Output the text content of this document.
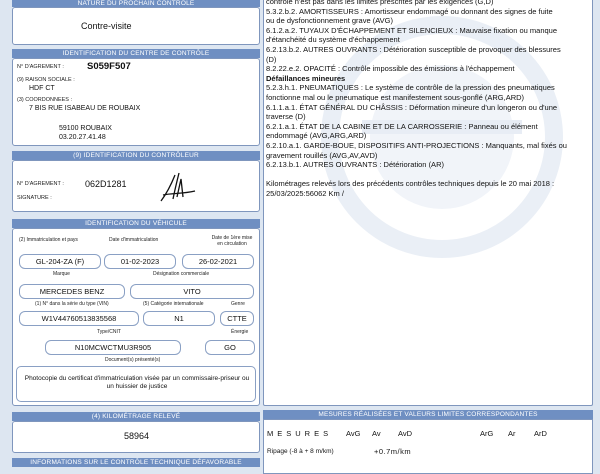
NATURE DU PROCHAIN CONTRÔLE
Contre-visite
IDENTIFICATION DU CENTRE DE CONTRÔLE
N° D'AGREMENT : S059F507
(9) RAISON SOCIALE :
HDF CT
(3) COORDONNEES :
7 BIS RUE ISABEAU DE ROUBAIX
59100 ROUBAIX
03.20.27.41.48
(9) IDENTIFICATION DU CONTRÔLEUR
N° D'AGREMENT : 062D1281
SIGNATURE :
IDENTIFICATION DU VÉHICULE
(2) Immatriculation et pays	Date d'immatriculation	Date de 1ère mise en circulation
GL-204-ZA (F)	01-02-2023	26-02-2021
Marque	Désignation commerciale
MERCEDES BENZ	VITO
(1) N° dans la série du type (VIN)	(5) Catégorie internationale	Genre
W1V44760513835568	N1	CTTE
Type/CNIT	Énergie
N10MCWCTMU3R905	GO
Document(s) présenté(s)
Photocopie du certificat d'immatriculation visée par un commissaire-priseur ou un huissier de justice
(4) KILOMÉTRAGE RELEVÉ
58964
INFORMATIONS SUR LE CONTRÔLE TECHNIQUE DÉFAVORABLE
contrôle n'est pas dans les limites prescrites par les exigences (G,D)
5.3.2.b.2. AMORTISSEURS : Amortisseur endommagé ou donnant des signes de fuite
ou de dysfonctionnement grave (AVG)
6.1.2.a.2. TUYAUX D'ÉCHAPPEMENT ET SILENCIEUX : Mauvaise fixation ou manque
d'étanchéité du système d'échappement
6.2.13.b.2. AUTRES OUVRANTS : Détérioration susceptible de provoquer des blessures
(D)
8.2.22.e.2. OPACITÉ : Contrôle impossible des émissions à l'échappement
Défaillances mineures
5.2.3.h.1. PNEUMATIQUES : Le système de contrôle de la pression des pneumatiques
fonctionne mal ou le pneumatique est manifestement sous-gonflé (ARG,ARD)
6.1.1.a.1. ÉTAT GÉNÉRAL DU CHÂSSIS : Déformation mineure d'un longeron ou d'une
traverse (D)
6.2.1.a.1. ÉTAT DE LA CABINE ET DE LA CARROSSERIE : Panneau ou élément
endommagé (AVG,ARG,ARD)
6.2.10.a.1. GARDE-BOUE, DISPOSITIFS ANTI-PROJECTIONS : Manquants, mal fixés ou
gravement rouillés (AVG,AV,AVD)
6.2.13.b.1. AUTRES OUVRANTS : Détérioration (AR)
Kilométrages relevés lors des précédents contrôles techniques depuis le 20 mai 2018 :
25/03/2025:56062 Km /
MESURES RÉALISÉES ET VALEURS LIMITES CORRESPONDANTES
MESURES AvG Av AvD	ArG Ar ArD
Ripage (-8 à + 8 m/km)	+0.7m/km
